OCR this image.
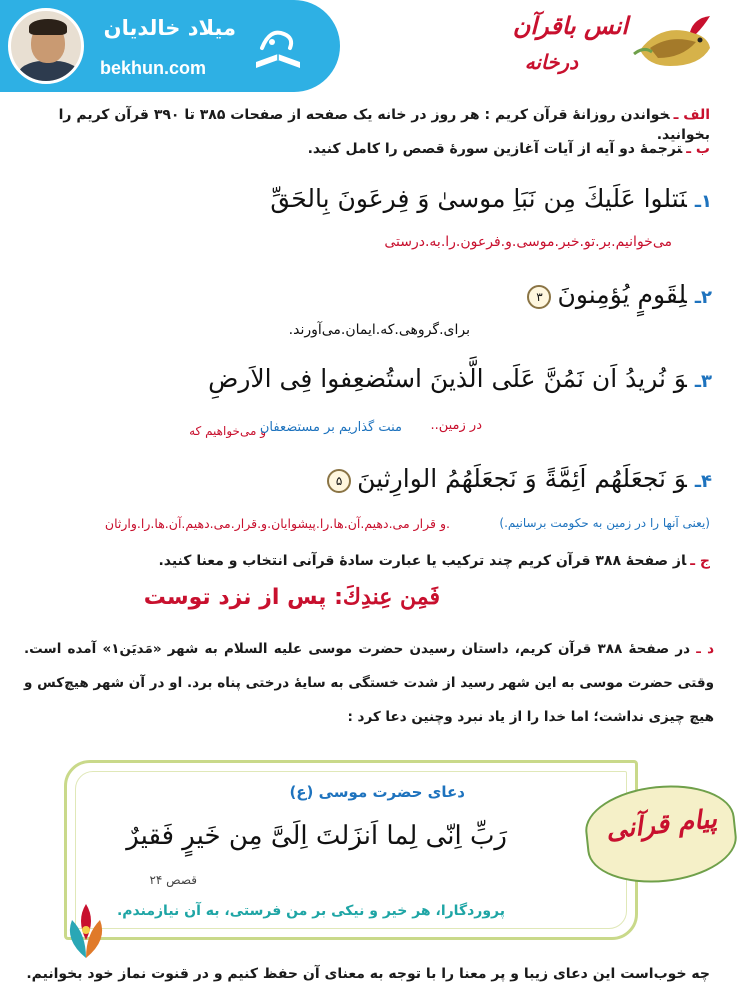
میلاد خالدیان
bekhun.com
انس باقرآن
درخانه
الف ـخواندن روزانهٔ قرآن کریم : هر روز در خانه یک صفحه از صفحات ۳۸۵ تا ۳۹۰ قرآن کریم را بخوانید.
ب ـترجمهٔ دو آیه از آیات آغازین سورهٔ قصص را کامل کنید.
۱ـنَتلوا عَلَیكَ مِن نَبَاِ موسیٰ وَ فِرعَونَ بِالحَقِّ
می‌خوانیم.بر.تو.خبر.موسی.و.فرعون.را.به.درستی
۲ـلِقَومٍ یُؤمِنونَ۳
برای.گروهی.که.ایمان.می‌آورند.
۳ـوَ نُریدُ اَن نَمُنَّ عَلَی الَّذینَ استُضعِفوا فِی الاَرضِ
و می‌خواهیم که
منت گذاریم بر مستضعفان در زمین..
۴ـوَ نَجعَلَهُم اَئِمَّةً وَ نَجعَلَهُمُ الوارِثینَ۵
.و قرار می.دهیم.آن.ها.را.پیشوایان.و.قرار.می.دهیم.آن.ها.را.وارثان	(یعنی آنها را در زمین به حکومت برسانیم.)
ج ـاز صفحهٔ ۳۸۸ قرآن کریم چند ترکیب یا عبارت سادهٔ قرآنی انتخاب و معنا کنید.
فَمِن عِندِكَ: پس از نزد توست
د ـ در صفحهٔ ۳۸۸ قرآن کریم، داستان رسیدن حضرت موسی علیه السلام به شهر «مَدیَن۱» آمده است. وقتی حضرت موسی به این شهر رسید از شدت خستگی به سایهٔ درختی پناه برد. او در آن شهر هیچ‌کس و هیچ چیزی نداشت؛ اما خدا را از یاد نبرد وچنین دعا کرد :
دعای حضرت موسی (ع)
رَبِّ اِنّی لِما اَنزَلتَ اِلَیَّ مِن خَیرٍ فَقیرٌ
قصص ۲۴
پروردگارا، هر خیر و نیکی بر من فرستی، به آن نیازمندم.
پیام قرآنی
چه خوب‌است این دعای زیبا و پر معنا را با توجه به معنای آن حفظ کنیم و در قنوت نماز خود بخوانیم.
